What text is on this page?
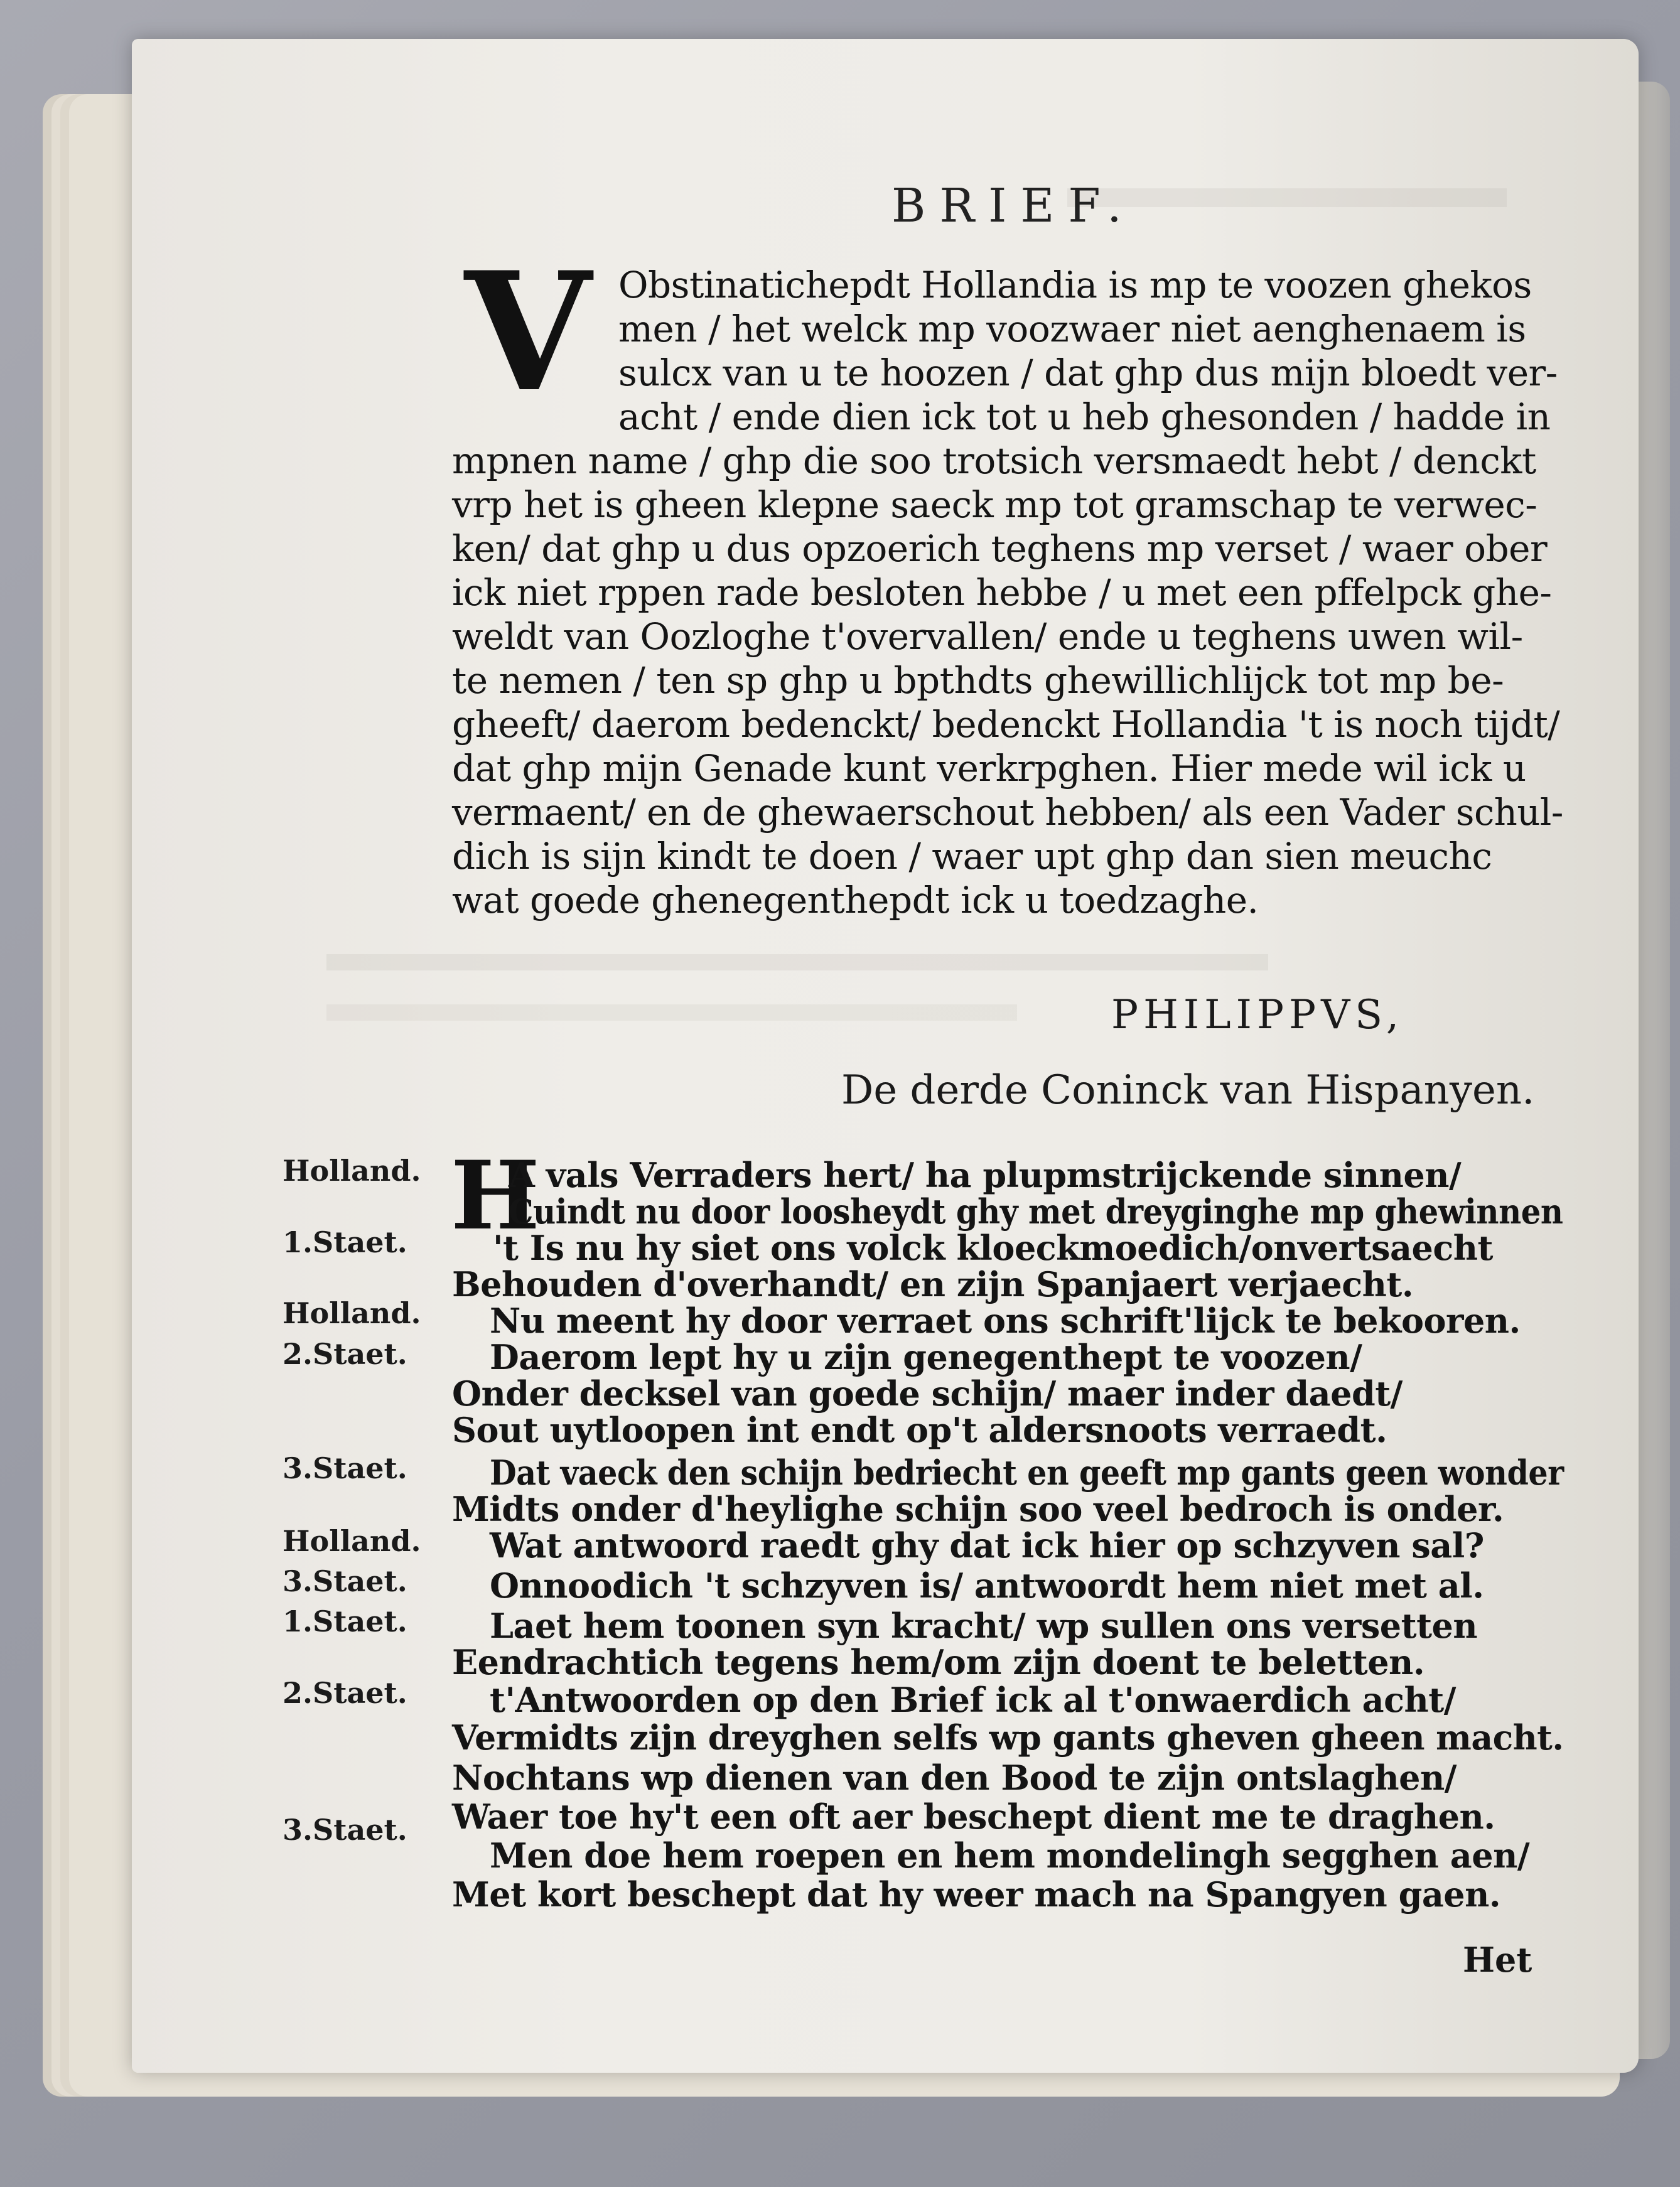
BRIEF.
V Obstinatichepdt Hollandia is mp te voozen ghekos
men / het welck mp voozwaer niet aenghenaem is
sulcx van u te hoozen / dat ghp dus mijn bloedt ver-
acht / ende dien ick tot u heb ghesonden / hadde in
mpnen name / ghp die soo trotsich versmaedt hebt / denckt
vrp het is gheen klepne saeck mp tot gramschap te verwec-
ken/ dat ghp u dus opzoerich teghens mp verset / waer ober
ick niet rppen rade besloten hebbe / u met een pffelpck ghe-
weldt van Oozloghe t'overvallen/ ende u teghens uwen wil-
te nemen / ten sp ghp u bpthdts ghewillichlijck tot mp be-
gheeft/ daerom bedenckt/ bedenckt Hollandia 't is noch tijdt/
dat ghp mijn Genade kunt verkrpghen. Hier mede wil ick u
vermaent/ en de ghewaerschout hebben/ als een Vader schul-
dich is sijn kindt te doen / waer upt ghp dan sien meuchc
wat goede ghenegenthepdt ick u toedzaghe.
PHILIPPVS,
De derde Coninck van Hispanyen.
H
Holland.
1.Staet.
Holland.
2.Staet.
3.Staet.
Holland.
3.Staet.
1.Staet.
2.Staet.
3.Staet.
A vals Verraders hert/ ha plupmstrijckende sinnen/
Cuindt nu door loosheydt ghy met dreyginghe mp ghewinnen
't Is nu hy siet ons volck kloeckmoedich/onvertsaecht
Behouden d'overhandt/ en zijn Spanjaert verjaecht.
Nu meent hy door verraet ons schrift'lijck te bekooren.
Daerom lept hy u zijn genegenthept te voozen/
Onder decksel van goede schijn/ maer inder daedt/
Sout uytloopen int endt op't aldersnoots verraedt.
Dat vaeck den schijn bedriecht en geeft mp gants geen wonder
Midts onder d'heylighe schijn soo veel bedroch is onder.
Wat antwoord raedt ghy dat ick hier op schzyven sal?
Onnoodich 't schzyven is/ antwoordt hem niet met al.
Laet hem toonen syn kracht/ wp sullen ons versetten
Eendrachtich tegens hem/om zijn doent te beletten.
t'Antwoorden op den Brief ick al t'onwaerdich acht/
Vermidts zijn dreyghen selfs wp gants gheven gheen macht.
Nochtans wp dienen van den Bood te zijn ontslaghen/
Waer toe hy't een oft aer beschept dient me te draghen.
Men doe hem roepen en hem mondelingh segghen aen/
Met kort beschept dat hy weer mach na Spangyen gaen.
Het
